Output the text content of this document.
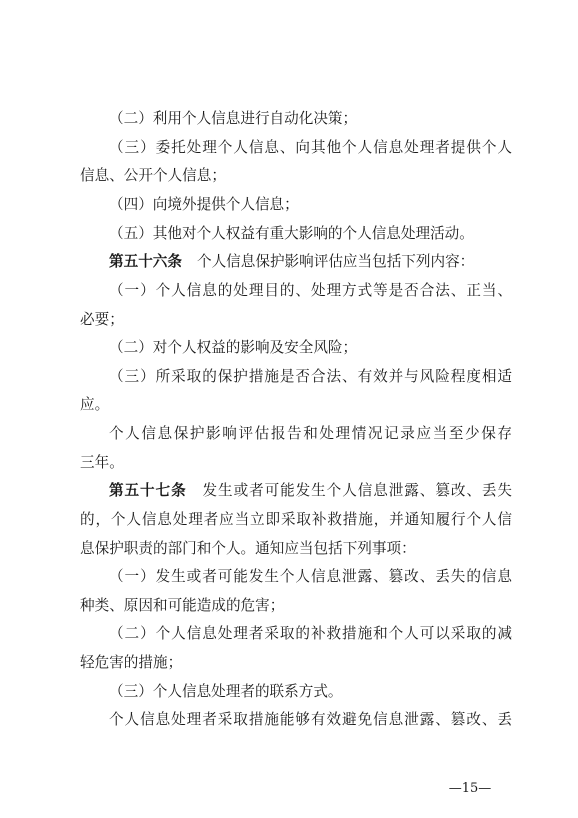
（二）利用个人信息进行自动化决策；
（三）委托处理个人信息、向其他个人信息处理者提供个人
信息、公开个人信息；
（四）向境外提供个人信息；
（五）其他对个人权益有重大影响的个人信息处理活动。
第五十六条 个人信息保护影响评估应当包括下列内容：
（一）个人信息的处理目的、处理方式等是否合法、正当、
必要；
（二）对个人权益的影响及安全风险；
（三）所采取的保护措施是否合法、有效并与风险程度相适
应。
个人信息保护影响评估报告和处理情况记录应当至少保存
三年。
第五十七条 发生或者可能发生个人信息泄露、篡改、丢失
的，个人信息处理者应当立即采取补救措施，并通知履行个人信
息保护职责的部门和个人。通知应当包括下列事项：
（一）发生或者可能发生个人信息泄露、篡改、丢失的信息
种类、原因和可能造成的危害；
（二）个人信息处理者采取的补救措施和个人可以采取的减
轻危害的措施；
（三）个人信息处理者的联系方式。
个人信息处理者采取措施能够有效避免信息泄露、篡改、丢
—15—
